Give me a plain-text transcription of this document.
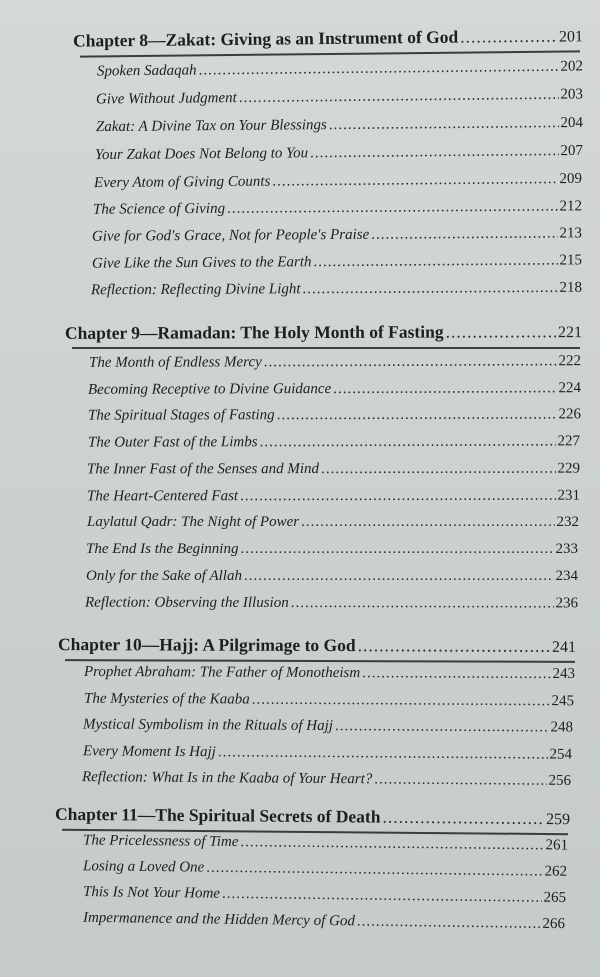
Chapter 8—Zakat: Giving as an Instrument of God .....	201
Spoken Sadaqah .....	202
Give Without Judgment .....	203
Zakat: A Divine Tax on Your Blessings .....	204
Your Zakat Does Not Belong to You .....	207
Every Atom of Giving Counts .....	209
The Science of Giving .....	212
Give for God's Grace, Not for People's Praise .....	213
Give Like the Sun Gives to the Earth .....	215
Reflection: Reflecting Divine Light .....	218
Chapter 9—Ramadan: The Holy Month of Fasting .....	221
The Month of Endless Mercy .....	222
Becoming Receptive to Divine Guidance .....	224
The Spiritual Stages of Fasting .....	226
The Outer Fast of the Limbs .....	227
The Inner Fast of the Senses and Mind .....	229
The Heart-Centered Fast .....	231
Laylatul Qadr: The Night of Power .....	232
The End Is the Beginning .....	233
Only for the Sake of Allah .....	234
Reflection: Observing the Illusion .....	236
Chapter 10—Hajj: A Pilgrimage to God .....	241
Prophet Abraham: The Father of Monotheism .....	243
The Mysteries of the Kaaba .....	245
Mystical Symbolism in the Rituals of Hajj .....	248
Every Moment Is Hajj .....	254
Reflection: What Is in the Kaaba of Your Heart? .....	256
Chapter 11—The Spiritual Secrets of Death .....	259
The Pricelessness of Time .....	261
Losing a Loved One .....	262
This Is Not Your Home .....	265
Impermanence and the Hidden Mercy of God .....	266
